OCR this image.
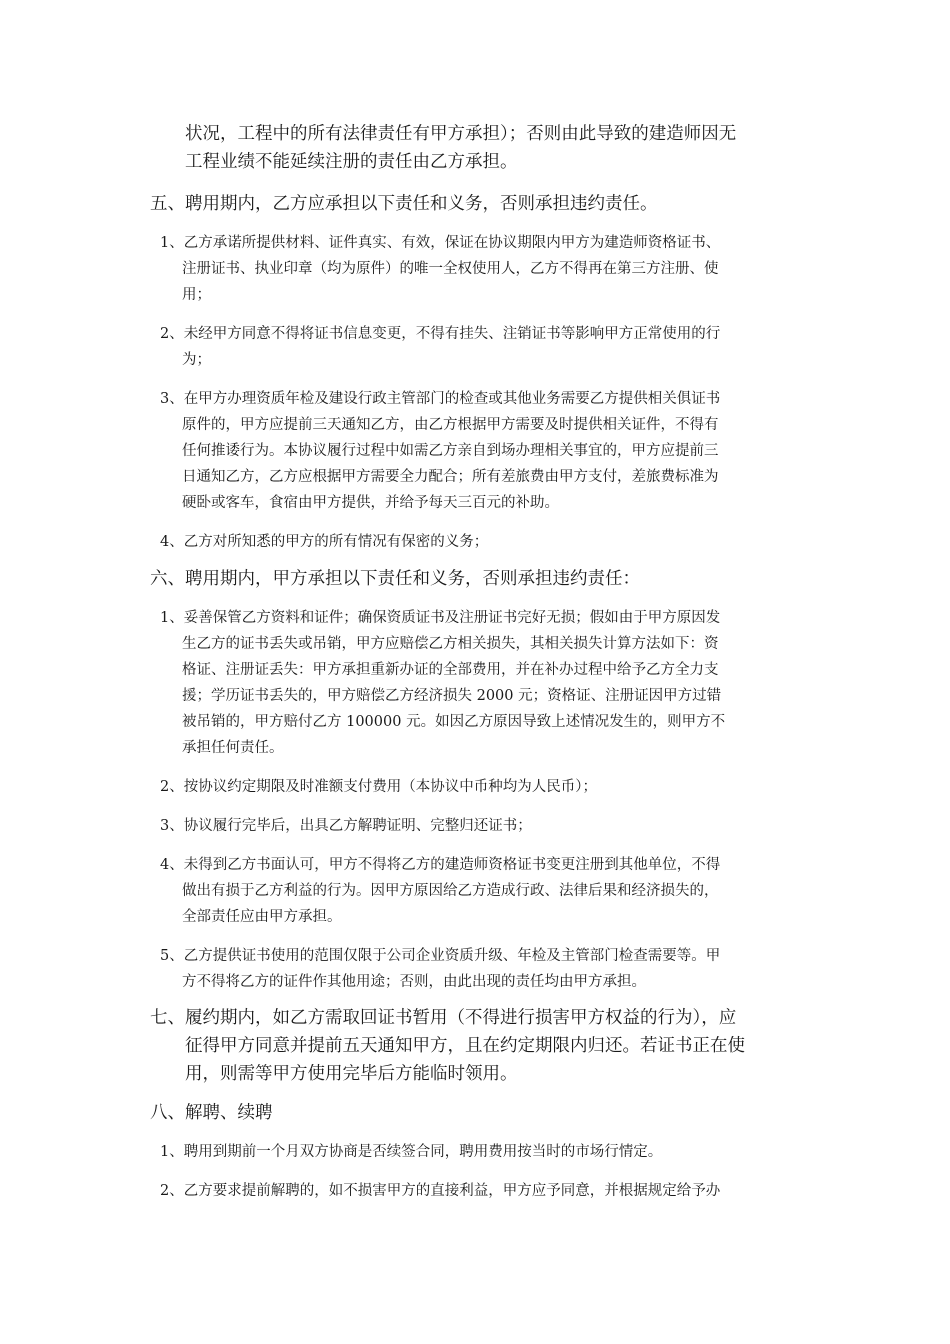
状况，工程中的所有法律责任有甲方承担）；否则由此导致的建造师因无
工程业绩不能延续注册的责任由乙方承担。

五、聘用期内，乙方应承担以下责任和义务，否则承担违约责任。

1、乙方承诺所提供材料、证件真实、有效，保证在协议期限内甲方为建造师资格证书、

注册证书、执业印章（均为原件）的唯一全权使用人，乙方不得再在第三方注册、使

用；

2、未经甲方同意不得将证书信息变更，不得有挂失、注销证书等影响甲方正常使用的行

为；

3、在甲方办理资质年检及建设行政主管部门的检查或其他业务需要乙方提供相关俱证书

原件的，甲方应提前三天通知乙方，由乙方根据甲方需要及时提供相关证件，不得有

任何推诿行为。本协议履行过程中如需乙方亲自到场办理相关事宜的，甲方应提前三

日通知乙方，乙方应根据甲方需要全力配合；所有差旅费由甲方支付，差旅费标准为

硬卧或客车，食宿由甲方提供，并给予每天三百元的补助。

4、乙方对所知悉的甲方的所有情况有保密的义务；

六、聘用期内，甲方承担以下责任和义务，否则承担违约责任：

1、妥善保管乙方资料和证件；确保资质证书及注册证书完好无损；假如由于甲方原因发

生乙方的证书丢失或吊销，甲方应赔偿乙方相关损失，其相关损失计算方法如下：资

格证、注册证丢失：甲方承担重新办证的全部费用，并在补办过程中给予乙方全力支

援；学历证书丢失的，甲方赔偿乙方经济损失 2000 元；资格证、注册证因甲方过错

被吊销的，甲方赔付乙方 100000 元。如因乙方原因导致上述情况发生的，则甲方不

承担任何责任。

2、按协议约定期限及时准额支付费用（本协议中币种均为人民币）；

3、协议履行完毕后，出具乙方解聘证明、完整归还证书；

4、未得到乙方书面认可，甲方不得将乙方的建造师资格证书变更注册到其他单位，不得

做出有损于乙方利益的行为。因甲方原因给乙方造成行政、法律后果和经济损失的，

全部责任应由甲方承担。

5、乙方提供证书使用的范围仅限于公司企业资质升级、年检及主管部门检查需要等。甲

方不得将乙方的证件作其他用途；否则，由此出现的责任均由甲方承担。

七、履约期内，如乙方需取回证书暂用（不得进行损害甲方权益的行为），应

征得甲方同意并提前五天通知甲方，且在约定期限内归还。若证书正在使

用，则需等甲方使用完毕后方能临时领用。

八、解聘、续聘

1、聘用到期前一个月双方协商是否续签合同，聘用费用按当时的市场行情定。

2、乙方要求提前解聘的，如不损害甲方的直接利益，甲方应予同意，并根据规定给予办
